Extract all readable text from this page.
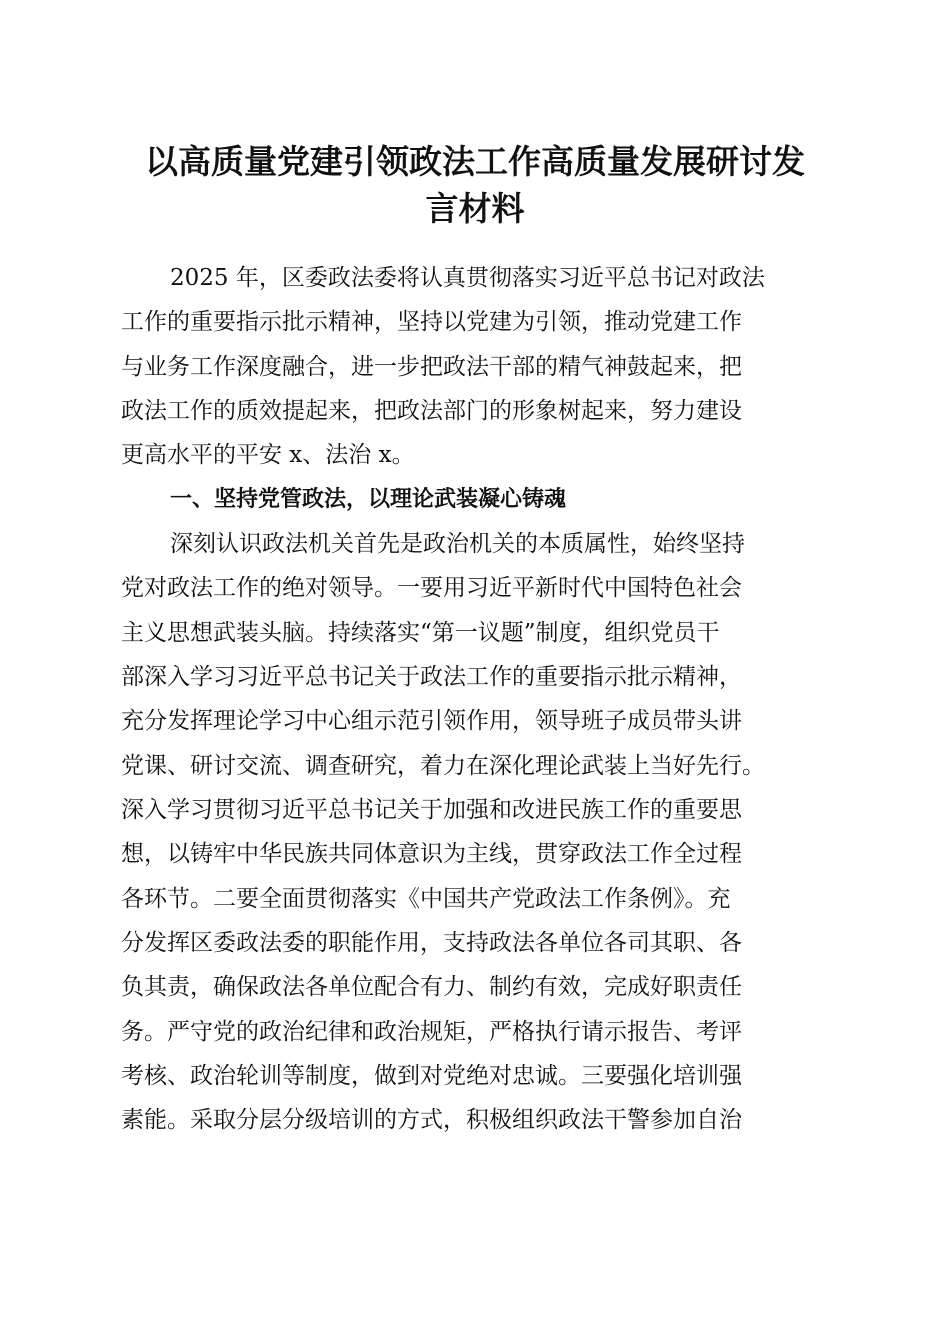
以高质量党建引领政法工作高质量发展研讨发
言材料

2025 年，区委政法委将认真贯彻落实习近平总书记对政法

工作的重要指示批示精神，坚持以党建为引领，推动党建工作

与业务工作深度融合，进一步把政法干部的精气神鼓起来，把

政法工作的质效提起来，把政法部门的形象树起来，努力建设

更高水平的平安 x、法治 x。

一、坚持党管政法，以理论武装凝心铸魂

深刻认识政法机关首先是政治机关的本质属性，始终坚持

党对政法工作的绝对领导。一要用习近平新时代中国特色社会

主义思想武装头脑。持续落实“第一议题”制度，组织党员干

部深入学习习近平总书记关于政法工作的重要指示批示精神，

充分发挥理论学习中心组示范引领作用，领导班子成员带头讲

党课、研讨交流、调查研究，着力在深化理论武装上当好先行。

深入学习贯彻习近平总书记关于加强和改进民族工作的重要思

想，以铸牢中华民族共同体意识为主线，贯穿政法工作全过程

各环节。二要全面贯彻落实《中国共产党政法工作条例》。充

分发挥区委政法委的职能作用，支持政法各单位各司其职、各

负其责，确保政法各单位配合有力、制约有效，完成好职责任

务。严守党的政治纪律和政治规矩，严格执行请示报告、考评

考核、政治轮训等制度，做到对党绝对忠诚。三要强化培训强

素能。采取分层分级培训的方式，积极组织政法干警参加自治
